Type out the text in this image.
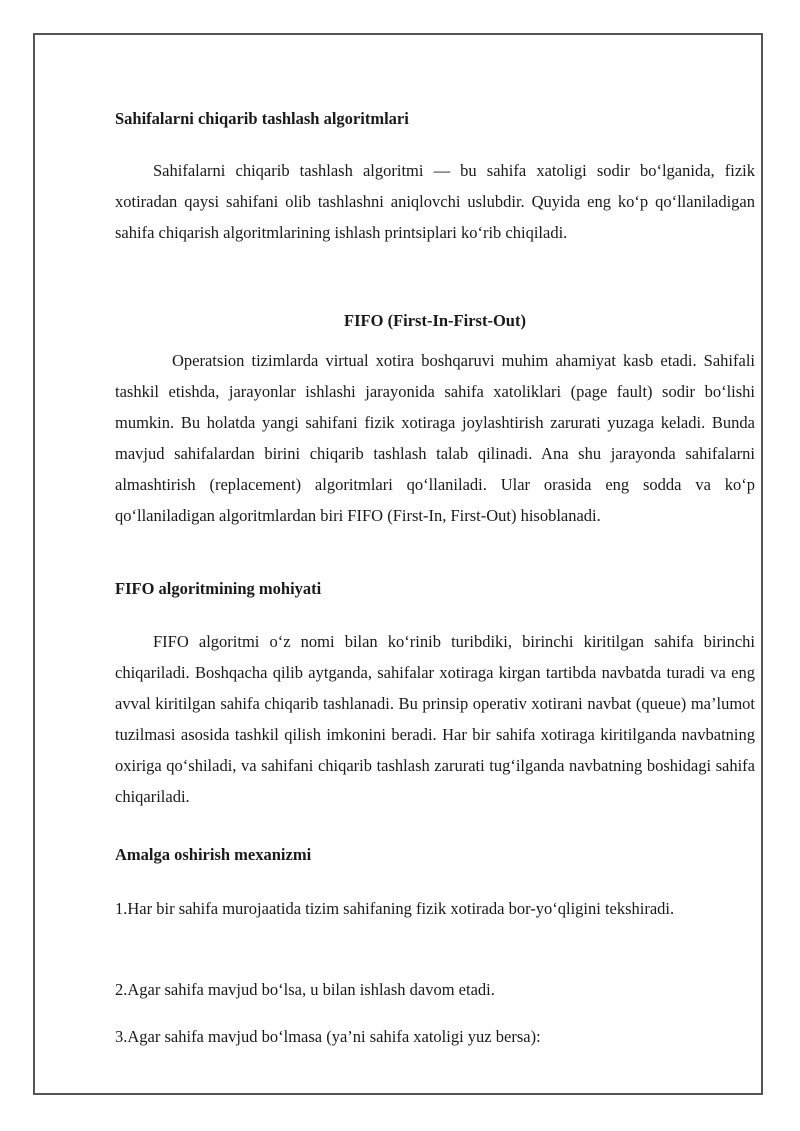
Sahifalarni chiqarib tashlash algoritmlari

Sahifalarni chiqarib tashlash algoritmi — bu sahifa xatoligi sodir bo‘lganida, fizik xotiradan qaysi sahifani olib tashlashni aniqlovchi uslubdir. Quyida eng ko‘p qo‘llaniladigan sahifa chiqarish algoritmlarining ishlash printsiplari ko‘rib chiqiladi.

FIFO (First-In-First-Out)

Operatsion tizimlarda virtual xotira boshqaruvi muhim ahamiyat kasb etadi. Sahifali tashkil etishda, jarayonlar ishlashi jarayonida sahifa xatoliklari (page fault) sodir bo‘lishi mumkin. Bu holatda yangi sahifani fizik xotiraga joylashtirish zarurati yuzaga keladi. Bunda mavjud sahifalardan birini chiqarib tashlash talab qilinadi. Ana shu jarayonda sahifalarni almashtirish (replacement) algoritmlari qo‘llaniladi. Ular orasida eng sodda va ko‘p qo‘llaniladigan algoritmlardan biri FIFO (First-In, First-Out) hisoblanadi.

FIFO algoritmining mohiyati

FIFO algoritmi o‘z nomi bilan ko‘rinib turibdiki, birinchi kiritilgan sahifa birinchi chiqariladi. Boshqacha qilib aytganda, sahifalar xotiraga kirgan tartibda navbatda turadi va eng avval kiritilgan sahifa chiqarib tashlanadi. Bu prinsip operativ xotirani navbat (queue) ma’lumot tuzilmasi asosida tashkil qilish imkonini beradi. Har bir sahifa xotiraga kiritilganda navbatning oxiriga qo‘shiladi, va sahifani chiqarib tashlash zarurati tug‘ilganda navbatning boshidagi sahifa chiqariladi.

Amalga oshirish mexanizmi

1.Har bir sahifa murojaatida tizim sahifaning fizik xotirada bor-yo‘qligini tekshiradi.

2.Agar sahifa mavjud bo‘lsa, u bilan ishlash davom etadi.

3.Agar sahifa mavjud bo‘lmasa (ya’ni sahifa xatoligi yuz bersa):
